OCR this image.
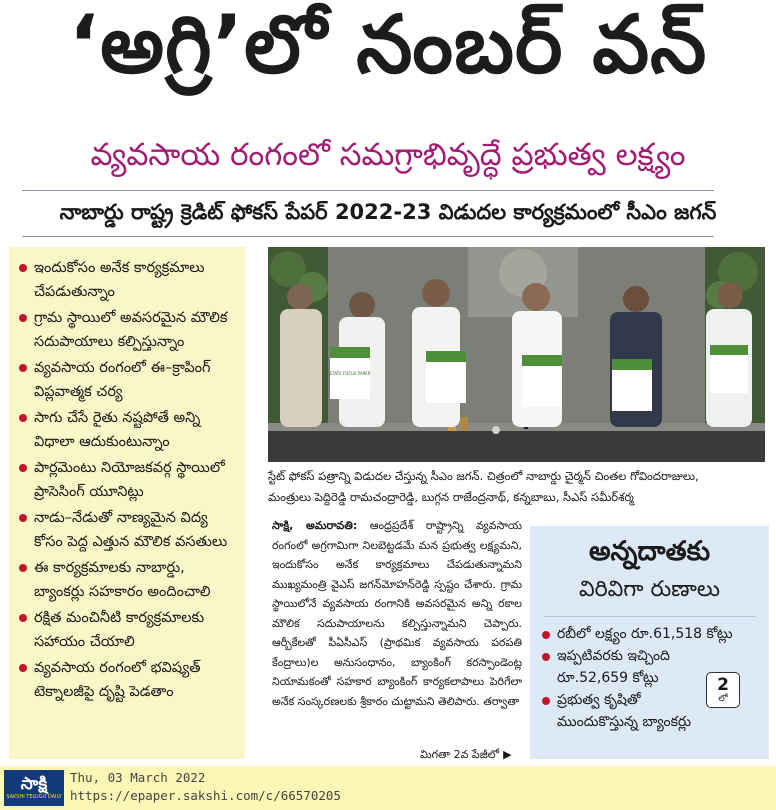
‘అగ్రి’లో నంబర్ వన్
వ్యవసాయ రంగంలో సమగ్రాభివృద్ధే ప్రభుత్వ లక్ష్యం
నాబార్డు రాష్ట్ర క్రెడిట్ ఫోకస్ పేపర్ 2022-23 విడుదల కార్యక్రమంలో సీఎం జగన్
ఇందుకోసం అనేక కార్యక్రమాలు చేపడుతున్నాం
గ్రామ స్థాయిలో అవసరమైన మౌలిక సదుపాయాలు కల్పిస్తున్నాం
వ్యవసాయ రంగంలో ఈ–క్రాపింగ్ విప్లవాత్మక చర్య
సాగు చేసే రైతు నష్టపోతే అన్ని విధాలా ఆదుకుంటున్నాం
పార్లమెంటు నియోజకవర్గ స్థాయిలో ప్రాసెసింగ్ యూనిట్లు
నాడు–నేడుతో నాణ్యమైన విద్య కోసం పెద్ద ఎత్తున మౌలిక వసతులు
ఈ కార్యక్రమాలకు నాబార్డు, బ్యాంకర్లు సహకారం అందించాలి
రక్షిత మంచినీటి కార్యక్రమాలకు సహాయం చేయాలి
వ్యవసాయ రంగంలో భవిష్యత్ టెక్నాలజీపై దృష్టి పెడతాం
STATE FOCUS PAPER
స్టేట్ ఫోకస్ పత్రాన్ని విడుదల చేస్తున్న సీఎం జగన్. చిత్రంలో నాబార్డు చైర్మన్ చింతల గోవిందరాజులు,
మంత్రులు పెద్దిరెడ్డి రామచంద్రారెడ్డి, బుగ్గన రాజేంద్రనాథ్, కన్నబాబు, సీఎస్ సమీర్‌శర్మ
సాక్షి, అమరావతి: ఆంధ్రప్రదేశ్ రాష్ట్రాన్ని వ్యవసాయ రంగంలో అగ్రగామిగా నిలబెట్టడమే మన ప్రభుత్వ లక్ష్యమని, ఇందుకోసం అనేక కార్యక్రమాలు చేపడుతున్నామని ముఖ్యమంత్రి వైఎస్ జగన్‌మోహన్‌రెడ్డి స్పష్టం చేశారు. గ్రామ స్థాయిలోనే వ్యవసాయ రంగానికి అవసరమైన అన్ని రకాల మౌలిక సదుపాయాలను కల్పిస్తున్నామని చెప్పారు. ఆర్బీకేలతో పీఏసీఎస్ (ప్రాథమిక వ్యవసాయ పరపతి కేంద్రాలు)ల అనుసంధానం, బ్యాంకింగ్ కరస్పాండెంట్ల నియామకంతో సహకార బ్యాంకింగ్ కార్యకలాపాలు పెరిగేలా అనేక సంస్కరణలకు శ్రీకారం చుట్టామని తెలిపారు. తర్వాతా
మిగతా 2వ పేజీలో ▶
అన్నదాతకు
విరివిగా రుణాలు
రబీలో లక్ష్యం రూ.61,518 కోట్లు
ఇప్పటివరకు ఇచ్చింది
రూ.52,659 కోట్లు
ప్రభుత్వ కృషితో
ముందుకొస్తున్న బ్యాంకర్లు
2
లో
సాక్షి
SAKSHI TELUGU DAILY
Thu, 03 March 2022
https://epaper.sakshi.com/c/66570205
